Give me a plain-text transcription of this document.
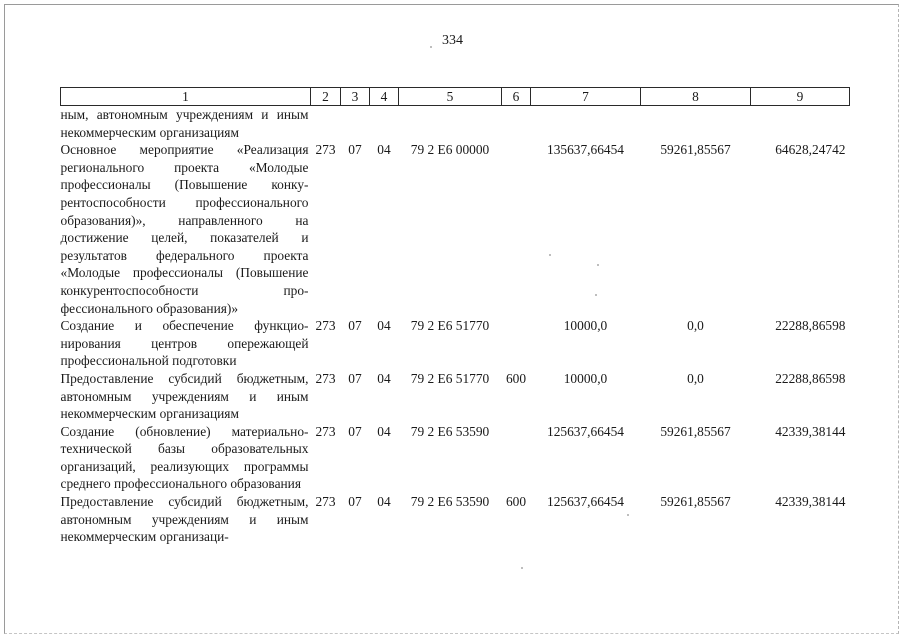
334
1	2	3	4	5	6	7	8	9
ным, автономным учреждениям и иным некоммерческим организациям								
Основное мероприятие «Реализация регионального проекта «Молодые профессионалы (Повышение конкурентоспособности профессионального образования)», направленного на достижение целей, показателей и результатов федерального проекта «Молодые профессионалы (Повышение конкурентоспособности профессионального образования)»	273	07	04	79 2 Е6 00000		135637,66454	59261,85567	64628,24742
Создание и обеспечение функционирования центров опережающей профессиональной подготовки	273	07	04	79 2 Е6 51770		10000,0	0,0	22288,86598
Предоставление субсидий бюджетным, автономным учреждениям и иным некоммерческим организациям	273	07	04	79 2 Е6 51770	600	10000,0	0,0	22288,86598
Создание (обновление) материальнотехнической базы образовательных организаций, реализующих программы среднего профессионального образования	273	07	04	79 2 Е6 53590		125637,66454	59261,85567	42339,38144
Предоставление субсидий бюджетным, автономным учреждениям и иным некоммерческим организаци-	273	07	04	79 2 Е6 53590	600	125637,66454	59261,85567	42339,38144
